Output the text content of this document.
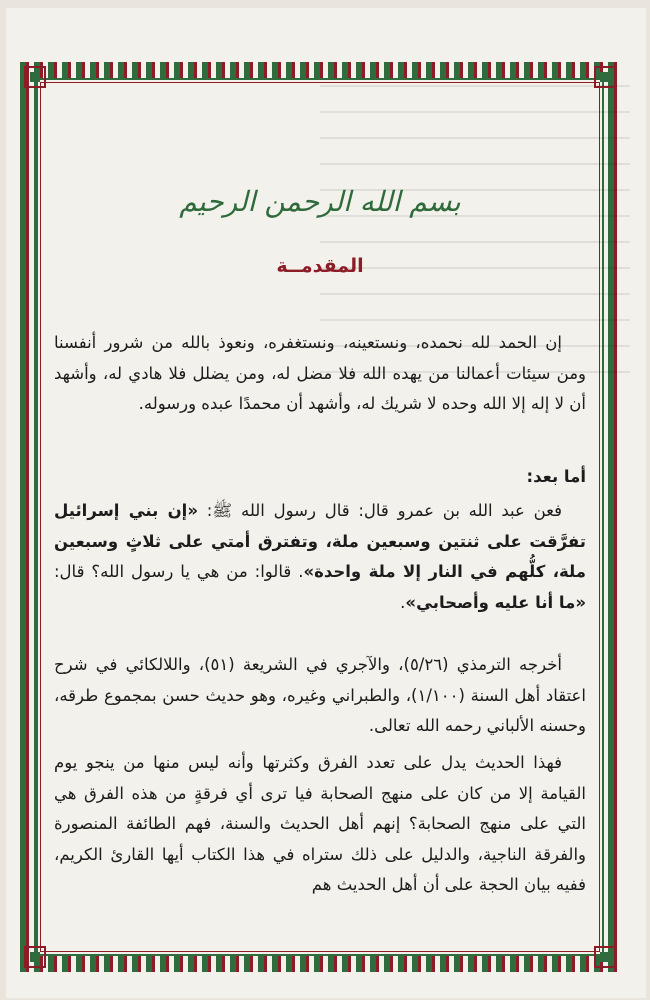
بسم الله الرحمن الرحيم
المقدمــة
إن الحمد لله نحمده، ونستعينه، ونستغفره، ونعوذ بالله من شرور أنفسنا ومن سيئات أعمالنا من يهده الله فلا مضل له، ومن يضلل فلا هادي له، وأشهد أن لا إله إلا الله وحده لا شريك له، وأشهد أن محمدًا عبده ورسوله.
أما بعد:
فعن عبد الله بن عمرو قال: قال رسول الله ﷺ: «إن بني إسرائيل تفرَّقت على ثنتين وسبعين ملة، وتفترق أمتي على ثلاثٍ وسبعين ملة، كلُّهم في النار إلا ملة واحدة». قالوا: من هي يا رسول الله؟ قال: «ما أنا عليه وأصحابي».
أخرجه الترمذي (٥/٢٦)، والآجري في الشريعة (٥١)، واللالكائي في شرح اعتقاد أهل السنة (١/١٠٠)، والطبراني وغيره، وهو حديث حسن بمجموع طرقه، وحسنه الألباني رحمه الله تعالى.
فهذا الحديث يدل على تعدد الفرق وكثرتها وأنه ليس منها من ينجو يوم القيامة إلا من كان على منهج الصحابة فيا ترى أي فرقةٍ من هذه الفرق هي التي على منهج الصحابة؟ إنهم أهل الحديث والسنة، فهم الطائفة المنصورة والفرقة الناجية، والدليل على ذلك ستراه في هذا الكتاب أيها القارئ الكريم، ففيه بيان الحجة على أن أهل الحديث هم
